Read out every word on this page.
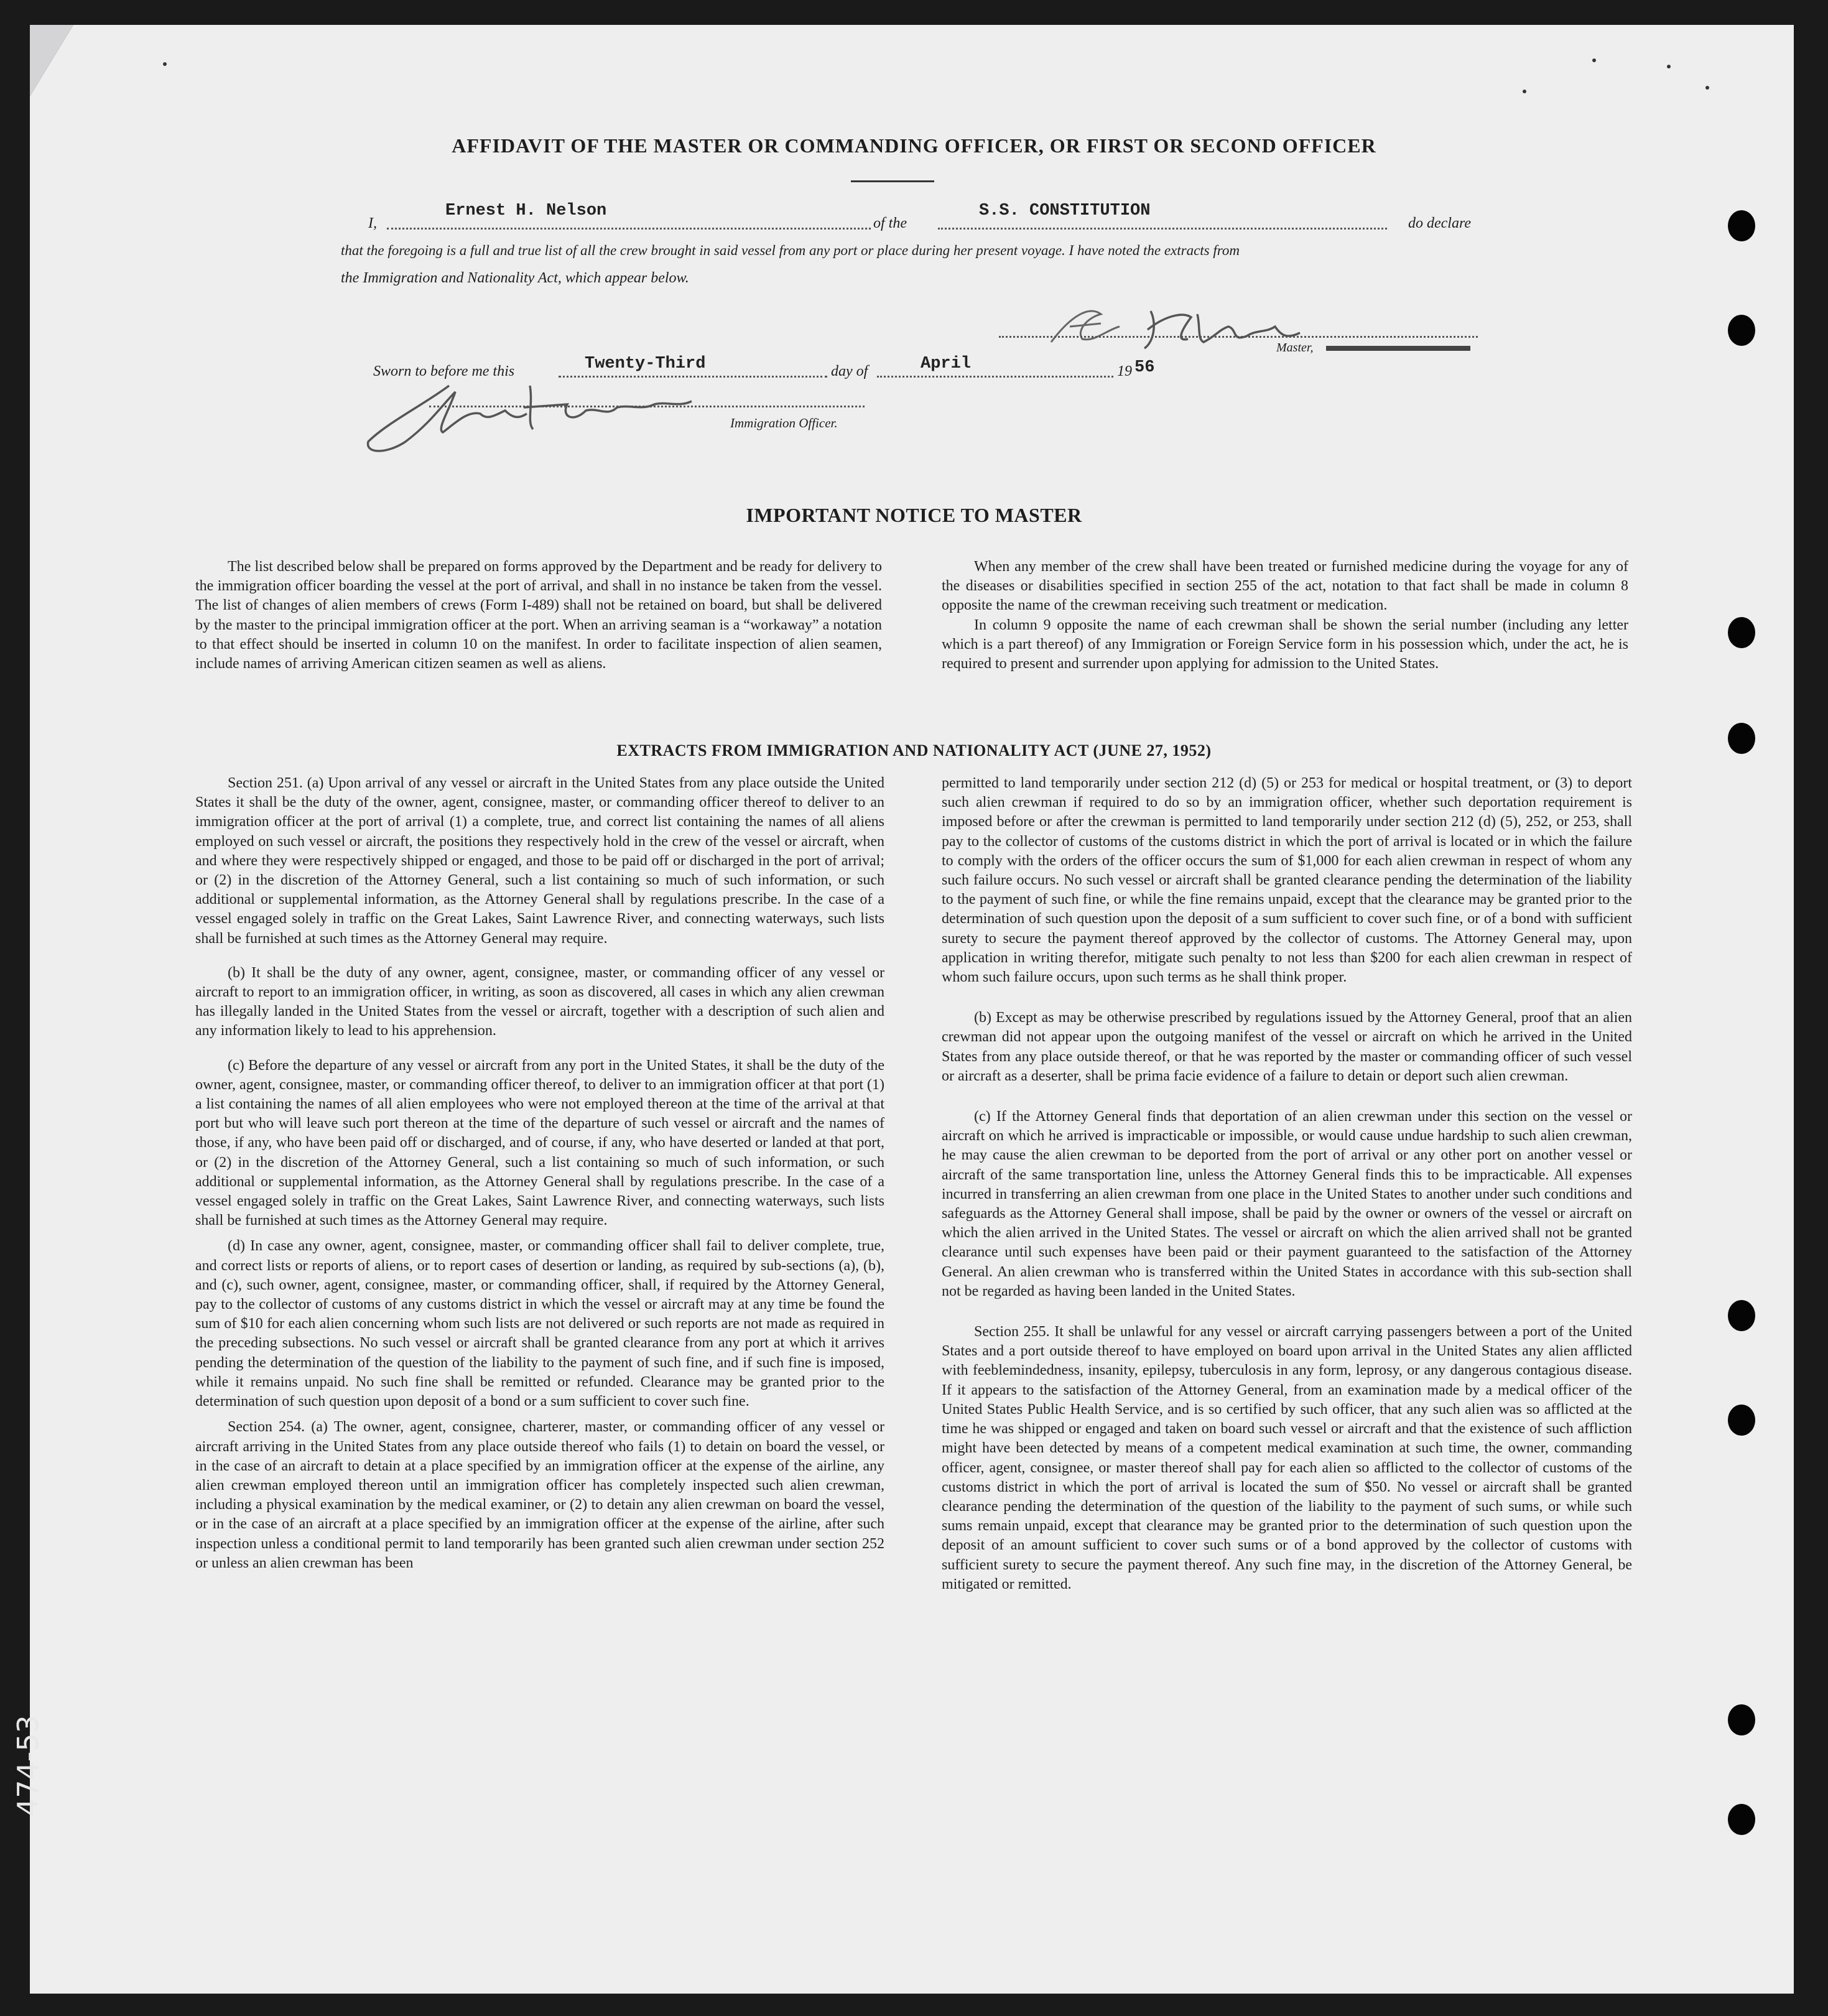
AFFIDAVIT OF THE MASTER OR COMMANDING OFFICER, OR FIRST OR SECOND OFFICER
I,
Ernest H. Nelson
of the
S.S. CONSTITUTION
do declare
that the foregoing is a full and true list of all the crew brought in said vessel from any port or place during her present voyage. I have noted the extracts from
the Immigration and Nationality Act, which appear below.
Master,
Sworn to before me this	Twenty-Third	day of	April	19 56
Immigration Officer.
IMPORTANT NOTICE TO MASTER

The list described below shall be prepared on forms approved by the Department and be ready for delivery to the immigration officer boarding the vessel at the port of arrival, and shall in no instance be taken from the vessel. The list of changes of alien members of crews (Form I-489) shall not be retained on board, but shall be delivered by the master to the principal immigration officer at the port. When an arriving seaman is a “workaway” a notation to that effect should be inserted in column 10 on the manifest. In order to facilitate inspection of alien seamen, include names of arriving American citizen seamen as well as aliens.

When any member of the crew shall have been treated or furnished medicine during the voyage for any of the diseases or disabilities specified in section 255 of the act, notation to that fact shall be made in column 8 opposite the name of the crewman receiving such treatment or medication.

In column 9 opposite the name of each crewman shall be shown the serial number (including any letter which is a part thereof) of any Immigration or Foreign Service form in his possession which, under the act, he is required to present and surrender upon applying for admission to the United States.

EXTRACTS FROM IMMIGRATION AND NATIONALITY ACT (JUNE 27, 1952)

Section 251. (a) Upon arrival of any vessel or aircraft in the United States from any place outside the United States it shall be the duty of the owner, agent, consignee, master, or commanding officer thereof to deliver to an immigration officer at the port of arrival (1) a complete, true, and correct list containing the names of all aliens employed on such vessel or aircraft, the positions they respectively hold in the crew of the vessel or aircraft, when and where they were respectively shipped or engaged, and those to be paid off or discharged in the port of arrival; or (2) in the discretion of the Attorney General, such a list containing so much of such information, or such additional or supplemental information, as the Attorney General shall by regulations prescribe. In the case of a vessel engaged solely in traffic on the Great Lakes, Saint Lawrence River, and connecting waterways, such lists shall be furnished at such times as the Attorney General may require.

(b) It shall be the duty of any owner, agent, consignee, master, or commanding officer of any vessel or aircraft to report to an immigration officer, in writing, as soon as discovered, all cases in which any alien crewman has illegally landed in the United States from the vessel or aircraft, together with a description of such alien and any information likely to lead to his apprehension.

(c) Before the departure of any vessel or aircraft from any port in the United States, it shall be the duty of the owner, agent, consignee, master, or commanding officer thereof, to deliver to an immigration officer at that port (1) a list containing the names of all alien employees who were not employed thereon at the time of the arrival at that port but who will leave such port thereon at the time of the departure of such vessel or aircraft and the names of those, if any, who have been paid off or discharged, and of course, if any, who have deserted or landed at that port, or (2) in the discretion of the Attorney General, such a list containing so much of such information, or such additional or supplemental information, as the Attorney General shall by regulations prescribe. In the case of a vessel engaged solely in traffic on the Great Lakes, Saint Lawrence River, and connecting waterways, such lists shall be furnished at such times as the Attorney General may require.

(d) In case any owner, agent, consignee, master, or commanding officer shall fail to deliver complete, true, and correct lists or reports of aliens, or to report cases of desertion or landing, as required by sub-sections (a), (b), and (c), such owner, agent, consignee, master, or commanding officer, shall, if required by the Attorney General, pay to the collector of customs of any customs district in which the vessel or aircraft may at any time be found the sum of $10 for each alien concerning whom such lists are not delivered or such reports are not made as required in the preceding subsections. No such vessel or aircraft shall be granted clearance from any port at which it arrives pending the determination of the question of the liability to the payment of such fine, and if such fine is imposed, while it remains unpaid. No such fine shall be remitted or refunded. Clearance may be granted prior to the determination of such question upon deposit of a bond or a sum sufficient to cover such fine.

Section 254. (a) The owner, agent, consignee, charterer, master, or commanding officer of any vessel or aircraft arriving in the United States from any place outside thereof who fails (1) to detain on board the vessel, or in the case of an aircraft to detain at a place specified by an immigration officer at the expense of the airline, any alien crewman employed thereon until an immigration officer has completely inspected such alien crewman, including a physical examination by the medical examiner, or (2) to detain any alien crewman on board the vessel, or in the case of an aircraft at a place specified by an immigration officer at the expense of the airline, after such inspection unless a conditional permit to land temporarily has been granted such alien crewman under section 252 or unless an alien crewman has been

permitted to land temporarily under section 212 (d) (5) or 253 for medical or hospital treatment, or (3) to deport such alien crewman if required to do so by an immigration officer, whether such deportation requirement is imposed before or after the crewman is permitted to land temporarily under section 212 (d) (5), 252, or 253, shall pay to the collector of customs of the customs district in which the port of arrival is located or in which the failure to comply with the orders of the officer occurs the sum of $1,000 for each alien crewman in respect of whom any such failure occurs. No such vessel or aircraft shall be granted clearance pending the determination of the liability to the payment of such fine, or while the fine remains unpaid, except that the clearance may be granted prior to the determination of such question upon the deposit of a sum sufficient to cover such fine, or of a bond with sufficient surety to secure the payment thereof approved by the collector of customs. The Attorney General may, upon application in writing therefor, mitigate such penalty to not less than $200 for each alien crewman in respect of whom such failure occurs, upon such terms as he shall think proper.

(b) Except as may be otherwise prescribed by regulations issued by the Attorney General, proof that an alien crewman did not appear upon the outgoing manifest of the vessel or aircraft on which he arrived in the United States from any place outside thereof, or that he was reported by the master or commanding officer of such vessel or aircraft as a deserter, shall be prima facie evidence of a failure to detain or deport such alien crewman.

(c) If the Attorney General finds that deportation of an alien crewman under this section on the vessel or aircraft on which he arrived is impracticable or impossible, or would cause undue hardship to such alien crewman, he may cause the alien crewman to be deported from the port of arrival or any other port on another vessel or aircraft of the same transportation line, unless the Attorney General finds this to be impracticable. All expenses incurred in transferring an alien crewman from one place in the United States to another under such conditions and safeguards as the Attorney General shall impose, shall be paid by the owner or owners of the vessel or aircraft on which the alien arrived in the United States. The vessel or aircraft on which the alien arrived shall not be granted clearance until such expenses have been paid or their payment guaranteed to the satisfaction of the Attorney General. An alien crewman who is transferred within the United States in accordance with this sub-section shall not be regarded as having been landed in the United States.

Section 255. It shall be unlawful for any vessel or aircraft carrying passengers between a port of the United States and a port outside thereof to have employed on board upon arrival in the United States any alien afflicted with feeblemindedness, insanity, epilepsy, tuberculosis in any form, leprosy, or any dangerous contagious disease. If it appears to the satisfaction of the Attorney General, from an examination made by a medical officer of the United States Public Health Service, and is so certified by such officer, that any such alien was so afflicted at the time he was shipped or engaged and taken on board such vessel or aircraft and that the existence of such affliction might have been detected by means of a competent medical examination at such time, the owner, commanding officer, agent, consignee, or master thereof shall pay for each alien so afflicted to the collector of customs of the customs district in which the port of arrival is located the sum of $50. No vessel or aircraft shall be granted clearance pending the determination of the question of the liability to the payment of such sums, or while such sums remain unpaid, except that clearance may be granted prior to the determination of such question upon the deposit of an amount sufficient to cover such sums or of a bond approved by the collector of customs with sufficient surety to secure the payment thereof. Any such fine may, in the discretion of the Attorney General, be mitigated or remitted.

474-53
